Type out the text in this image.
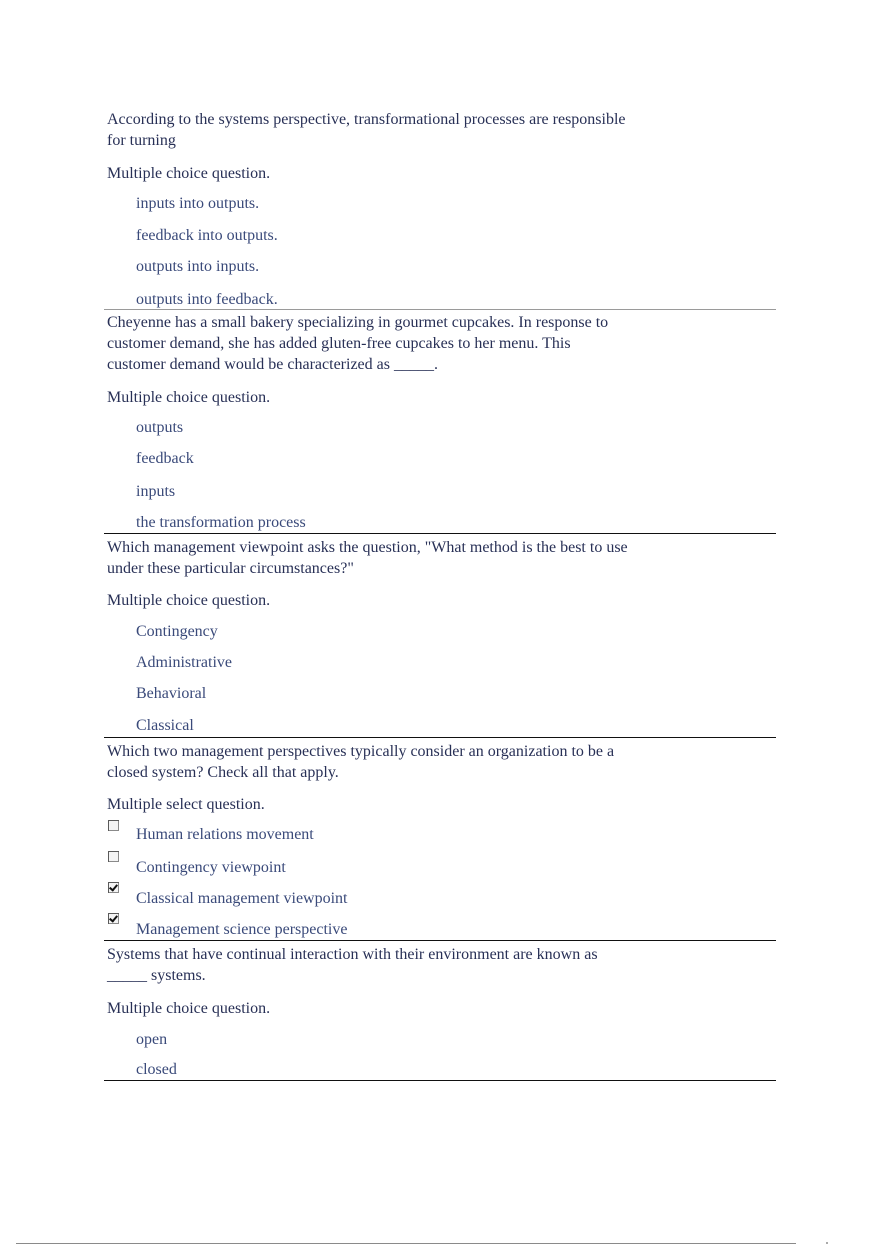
According to the systems perspective, transformational processes are responsible

for turning

Multiple choice question.

inputs into outputs.
feedback into outputs.
outputs into inputs.
outputs into feedback.

Cheyenne has a small bakery specializing in gourmet cupcakes. In response to

customer demand, she has added gluten-free cupcakes to her menu. This

customer demand would be characterized as _____.

Multiple choice question.

outputs
feedback
inputs
the transformation process

Which management viewpoint asks the question, "What method is the best to use

under these particular circumstances?"

Multiple choice question.

Contingency
Administrative
Behavioral
Classical

Which two management perspectives typically consider an organization to be a

closed system? Check all that apply.

Multiple select question.

Human relations movement
Contingency viewpoint
Classical management viewpoint
Management science perspective

Systems that have continual interaction with their environment are known as

_____ systems.

Multiple choice question.

open
closed
